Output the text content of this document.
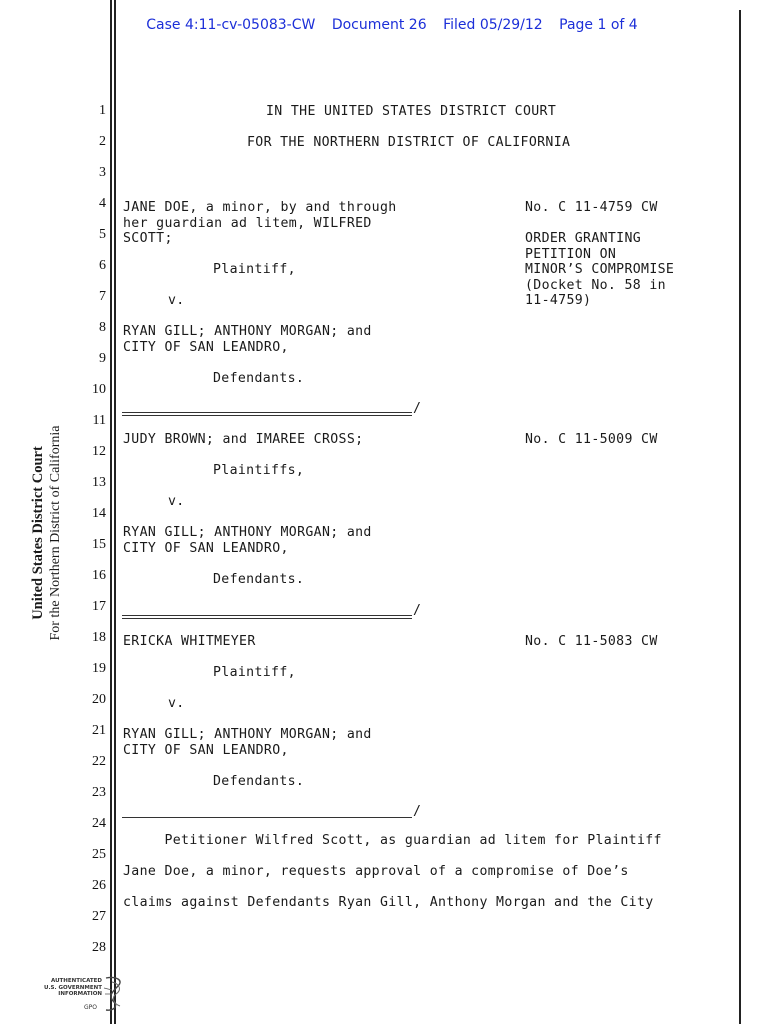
Case 4:11-cv-05083-CW Document 26 Filed 05/29/12 Page 1 of 4
United States District Court For the Northern District of California
1
2
3
4
5
6
7
8
9
10
11
12
13
14
15
16
17
18
19
20
21
22
23
24
25
26
27
28
IN THE UNITED STATES DISTRICT COURT
FOR THE NORTHERN DISTRICT OF CALIFORNIA
JANE DOE, a minor, by and through
her guardian ad litem, WILFRED
SCOTT;
Plaintiff,
v.
RYAN GILL; ANTHONY MORGAN; and
CITY OF SAN LEANDRO,
Defendants.
No. C 11-4759 CW
ORDER GRANTING
PETITION ON
MINOR’S COMPROMISE
(Docket No. 58 in
11-4759)
/
JUDY BROWN; and IMAREE CROSS;
Plaintiffs,
v.
RYAN GILL; ANTHONY MORGAN; and
CITY OF SAN LEANDRO,
Defendants.
No. C 11-5009 CW
/
ERICKA WHITMEYER
Plaintiff,
v.
RYAN GILL; ANTHONY MORGAN; and
CITY OF SAN LEANDRO,
Defendants.
No. C 11-5083 CW
/
Petitioner Wilfred Scott, as guardian ad litem for Plaintiff
Jane Doe, a minor, requests approval of a compromise of Doe’s
claims against Defendants Ryan Gill, Anthony Morgan and the City
AUTHENTICATED
U.S. GOVERNMENT
INFORMATION
GPO
